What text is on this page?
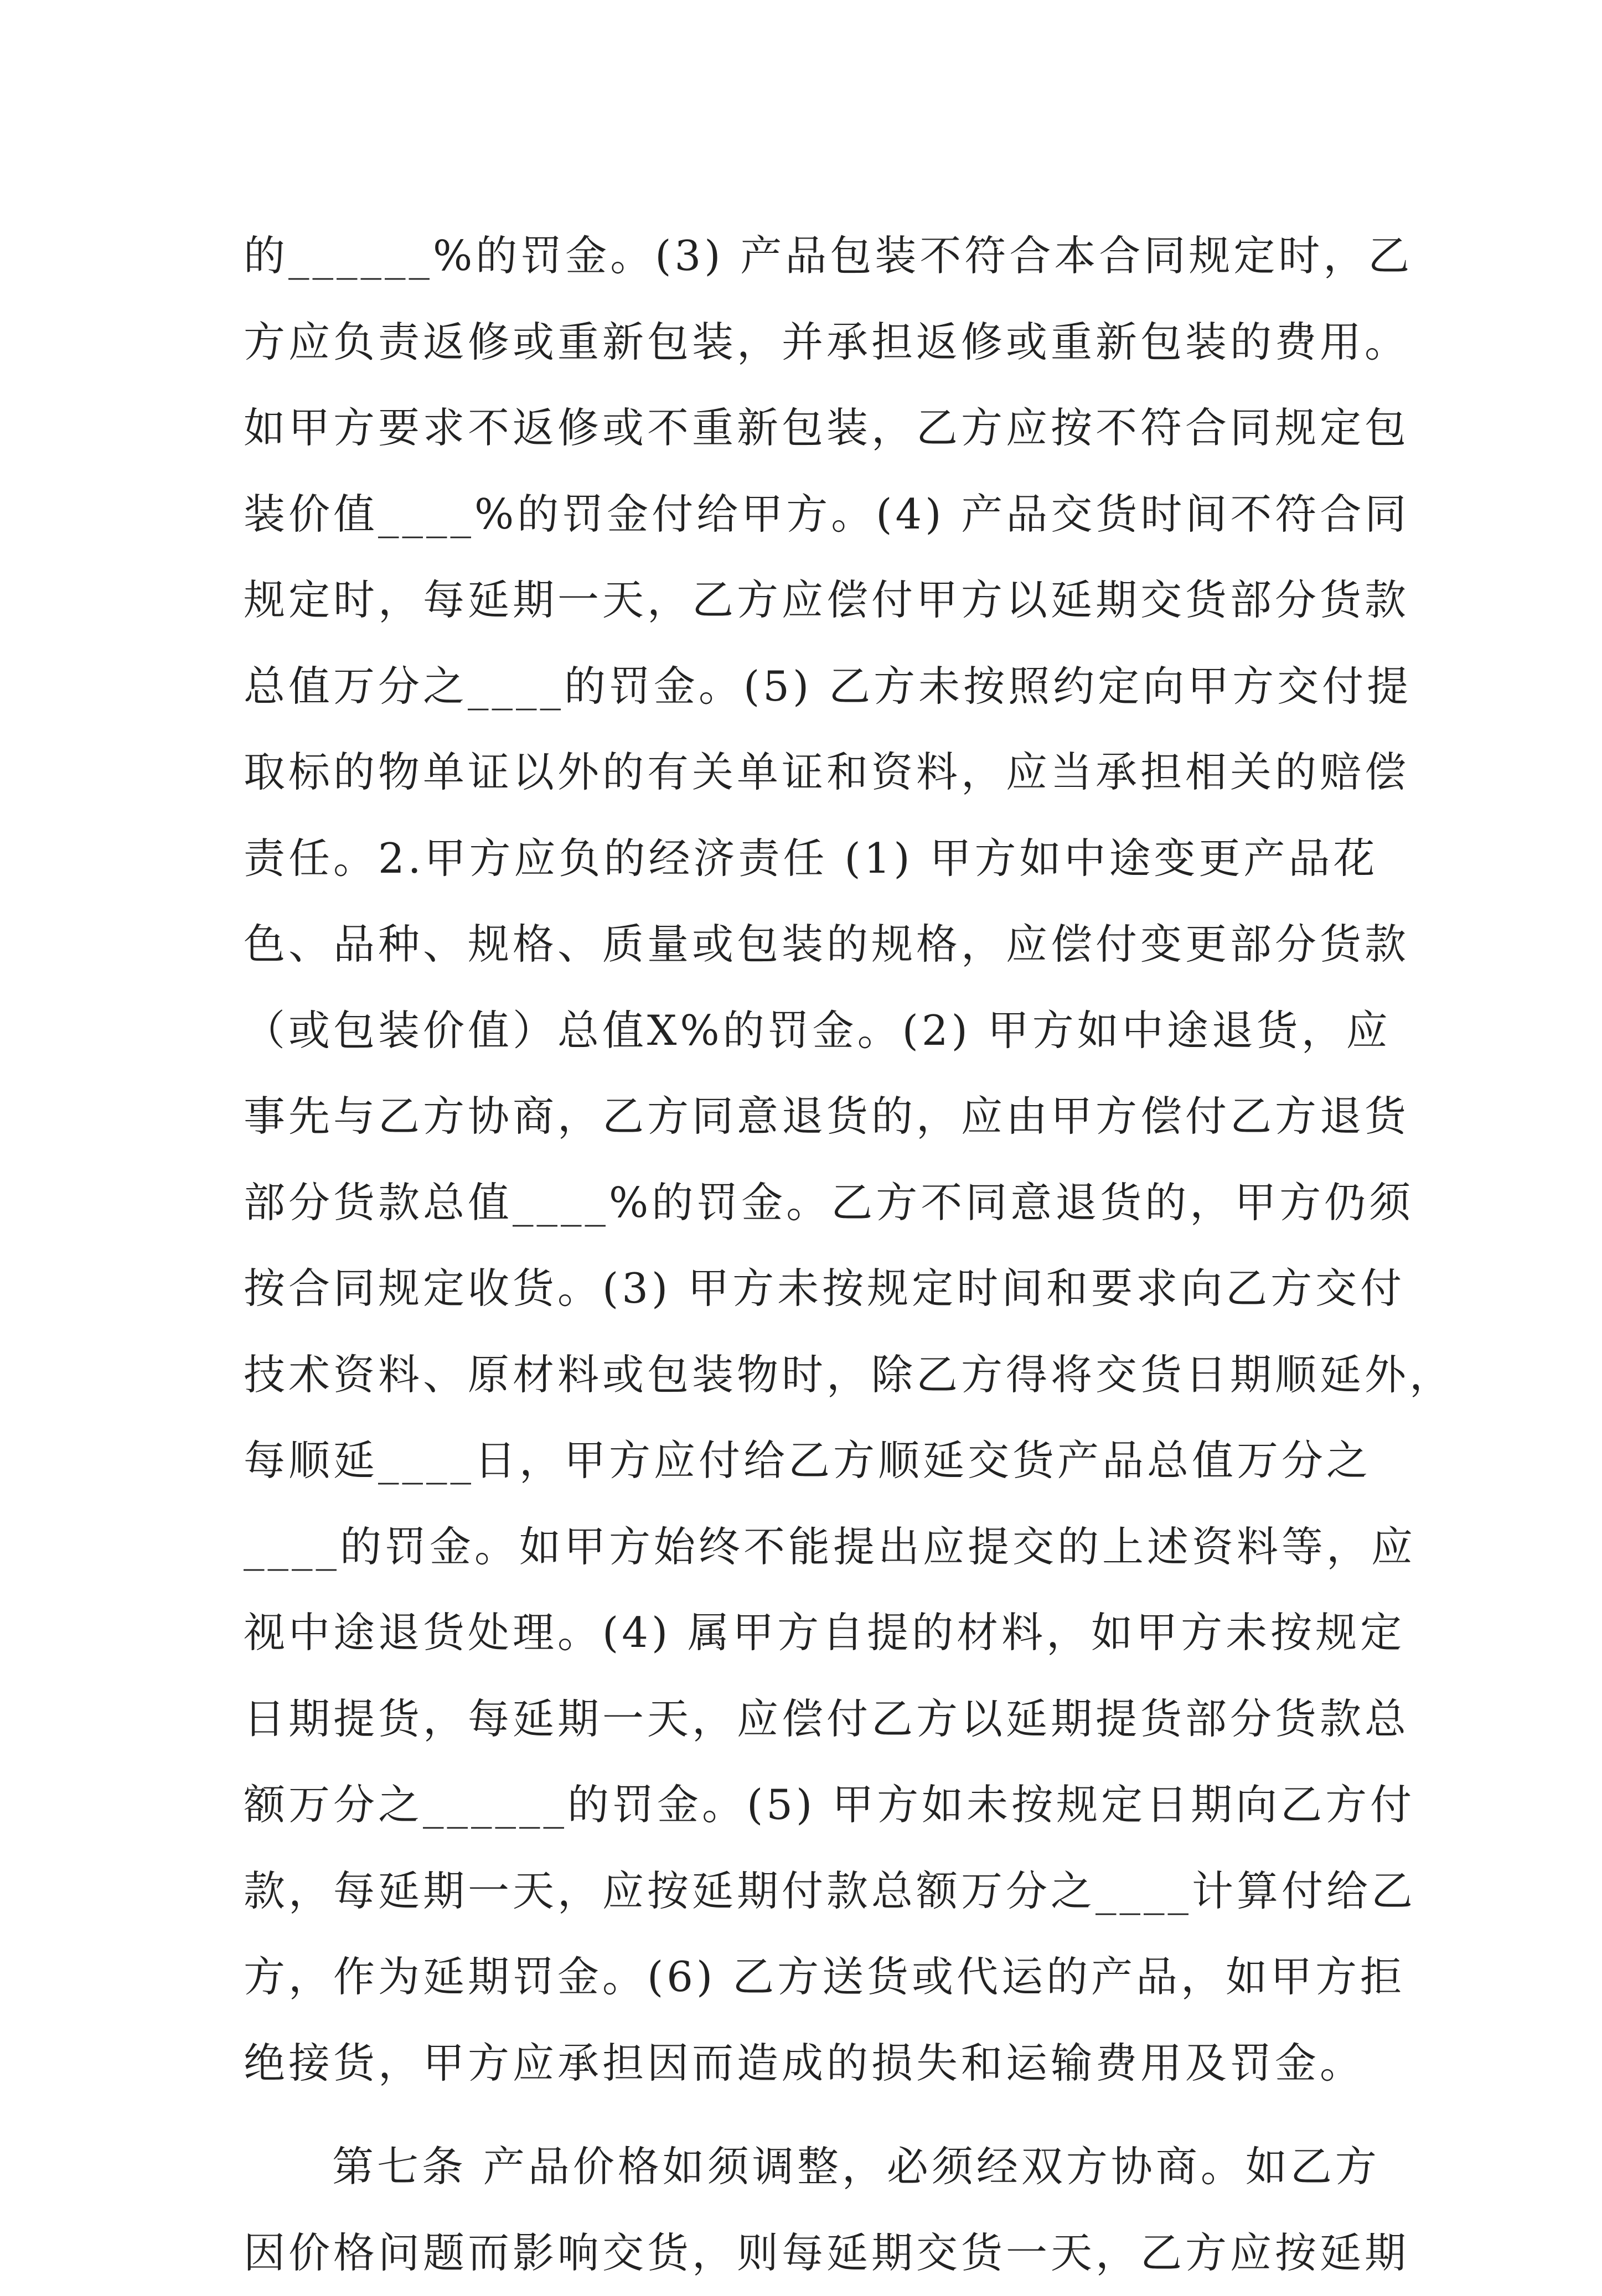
的______%的罚金。(3) 产品包装不符合本合同规定时，乙
方应负责返修或重新包装，并承担返修或重新包装的费用。
如甲方要求不返修或不重新包装，乙方应按不符合同规定包
装价值____%的罚金付给甲方。(4) 产品交货时间不符合同
规定时，每延期一天，乙方应偿付甲方以延期交货部分货款
总值万分之____的罚金。(5) 乙方未按照约定向甲方交付提
取标的物单证以外的有关单证和资料，应当承担相关的赔偿
责任。2.甲方应负的经济责任 (1) 甲方如中途变更产品花
色、品种、规格、质量或包装的规格，应偿付变更部分货款
（或包装价值）总值X%的罚金。(2) 甲方如中途退货，应
事先与乙方协商，乙方同意退货的，应由甲方偿付乙方退货
部分货款总值____%的罚金。乙方不同意退货的，甲方仍须
按合同规定收货。(3) 甲方未按规定时间和要求向乙方交付
技术资料、原材料或包装物时，除乙方得将交货日期顺延外，
每顺延____日，甲方应付给乙方顺延交货产品总值万分之
____的罚金。如甲方始终不能提出应提交的上述资料等，应
视中途退货处理。(4) 属甲方自提的材料，如甲方未按规定
日期提货，每延期一天，应偿付乙方以延期提货部分货款总
额万分之______的罚金。(5) 甲方如未按规定日期向乙方付
款，每延期一天，应按延期付款总额万分之____计算付给乙
方，作为延期罚金。(6) 乙方送货或代运的产品，如甲方拒
绝接货，甲方应承担因而造成的损失和运输费用及罚金。
第七条 产品价格如须调整，必须经双方协商。如乙方
因价格问题而影响交货，则每延期交货一天，乙方应按延期
